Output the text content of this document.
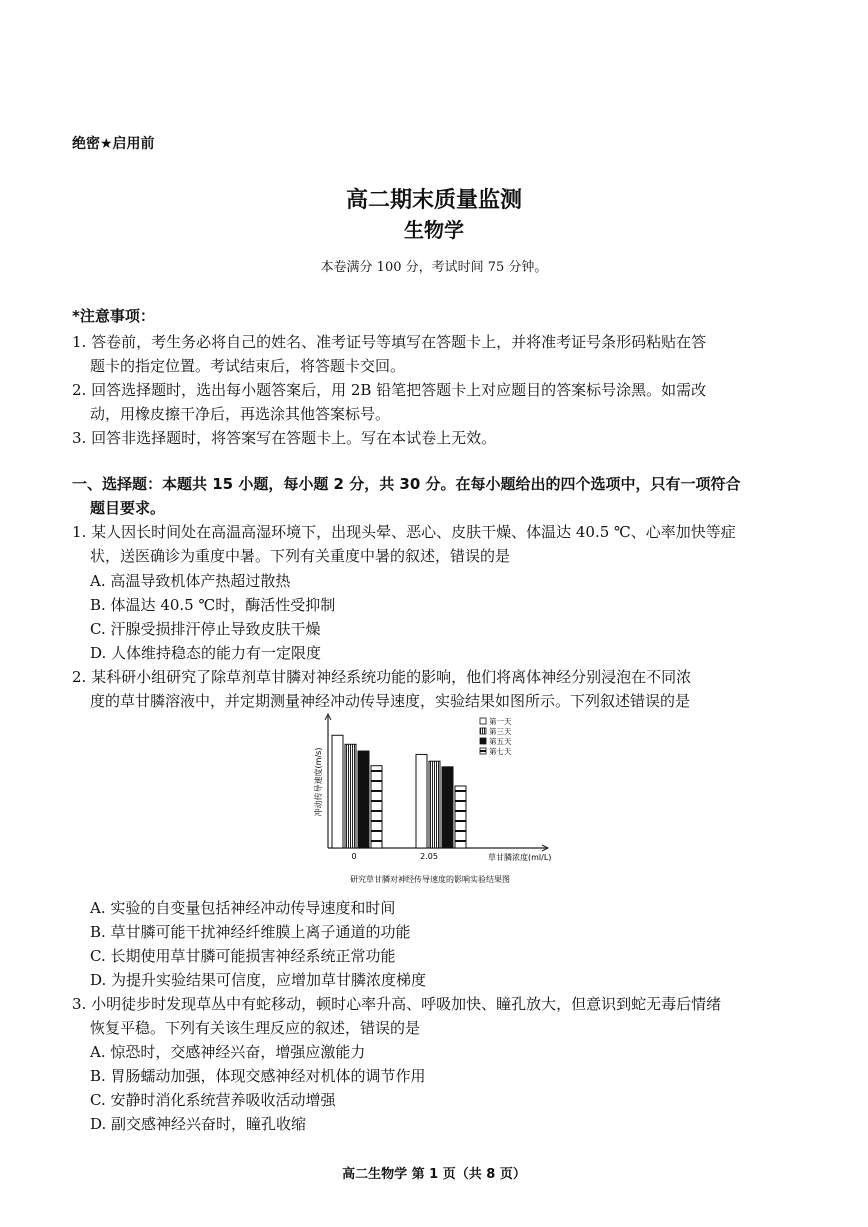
绝密★启用前
高二期末质量监测
生物学
本卷满分 100 分，考试时间 75 分钟。
*注意事项：
1. 答卷前，考生务必将自己的姓名、准考证号等填写在答题卡上，并将准考证号条形码粘贴在答
题卡的指定位置。考试结束后，将答题卡交回。
2. 回答选择题时，选出每小题答案后，用 2B 铅笔把答题卡上对应题目的答案标号涂黑。如需改
动，用橡皮擦干净后，再选涂其他答案标号。
3. 回答非选择题时，将答案写在答题卡上。写在本试卷上无效。
一、选择题：本题共 15 小题，每小题 2 分，共 30 分。在每小题给出的四个选项中，只有一项符合
题目要求。
1. 某人因长时间处在高温高湿环境下，出现头晕、恶心、皮肤干燥、体温达 40.5 ℃、心率加快等症
状，送医确诊为重度中暑。下列有关重度中暑的叙述，错误的是
A. 高温导致机体产热超过散热
B. 体温达 40.5 ℃时，酶活性受抑制
C. 汗腺受损排汗停止导致皮肤干燥
D. 人体维持稳态的能力有一定限度
2. 某科研小组研究了除草剂草甘膦对神经系统功能的影响，他们将离体神经分别浸泡在不同浓
度的草甘膦溶液中，并定期测量神经冲动传导速度，实验结果如图所示。下列叙述错误的是
0	2.05
第一天
第三天
第五天
第七天
冲动传导速度(m/s)
草甘膦浓度(ml/L)
研究草甘膦对神经传导速度的影响实验结果图
A. 实验的自变量包括神经冲动传导速度和时间
B. 草甘膦可能干扰神经纤维膜上离子通道的功能
C. 长期使用草甘膦可能损害神经系统正常功能
D. 为提升实验结果可信度，应增加草甘膦浓度梯度
3. 小明徒步时发现草丛中有蛇移动，顿时心率升高、呼吸加快、瞳孔放大，但意识到蛇无毒后情绪
恢复平稳。下列有关该生理反应的叙述，错误的是
A. 惊恐时，交感神经兴奋，增强应激能力
B. 胃肠蠕动加强，体现交感神经对机体的调节作用
C. 安静时消化系统营养吸收活动增强
D. 副交感神经兴奋时，瞳孔收缩
高二生物学 第 1 页（共 8 页）
